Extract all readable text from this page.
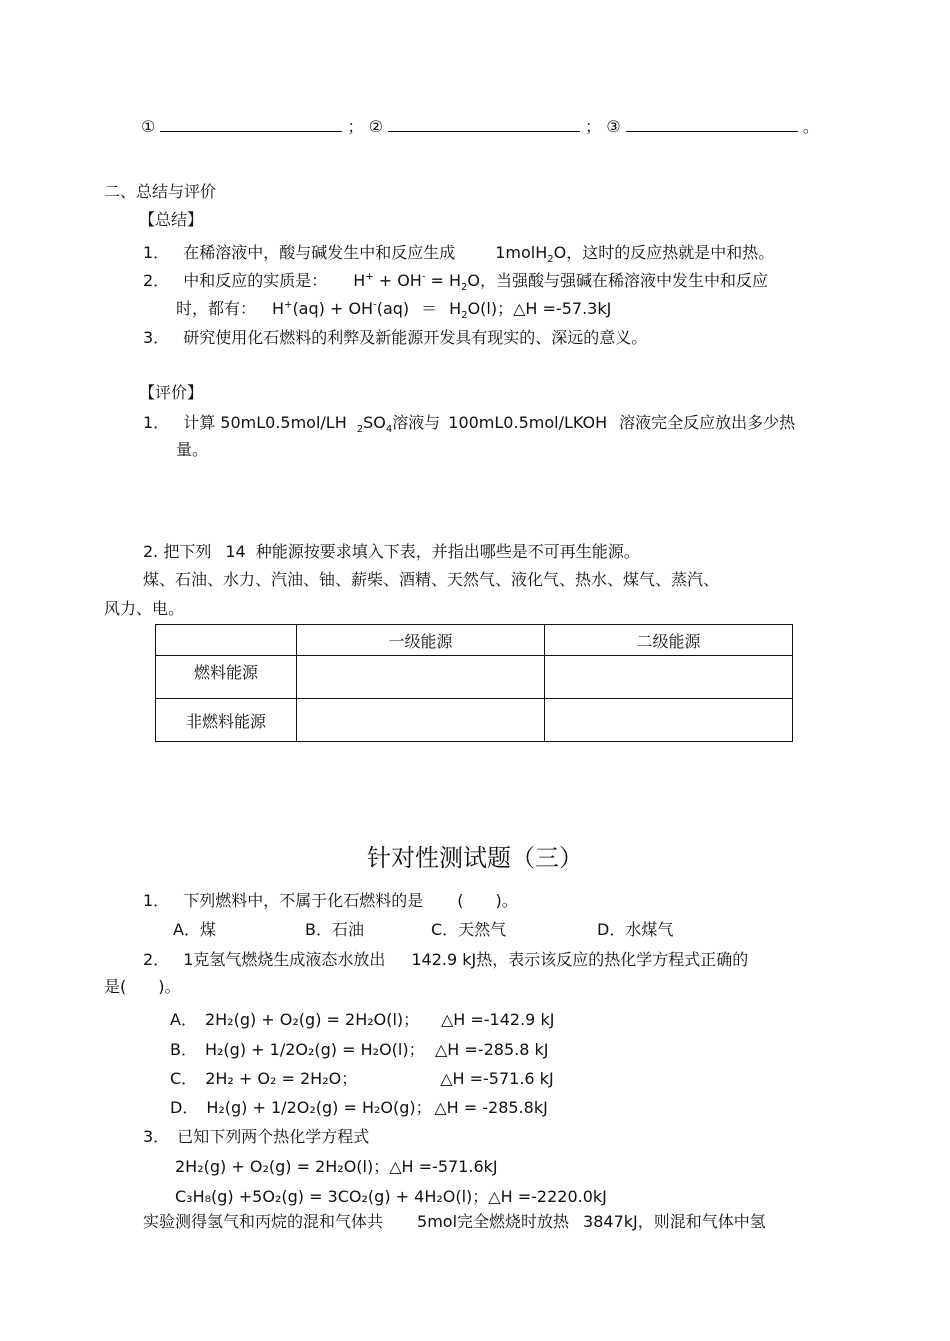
①	； ②	； ③	。
二、总结与评价
【总结】
1． 在稀溶液中，酸与碱发生中和反应生成	1molH$_2$O，这时的反应热就是中和热。
2． 中和反应的实质是： $H^+ + OH^- = H_2O$，当强酸与强碱在稀溶液中发生中和反应
时，都有： $H^+(aq) + OH^-(aq) = H_2O(l)$；△H =-57.3kJ
3． 研究使用化石燃料的利弊及新能源开发具有现实的、深远的意义。
【评价】
1． 计算 50mL0.5mol/LH $_2SO_4$溶液与 100mL0.5mol/LKOH 溶液完全反应放出多少热
量。
2. 把下列 14 种能源按要求填入下表，并指出哪些是不可再生能源。
煤、石油、水力、汽油、铀、薪柴、酒精、天然气、液化气、热水、煤气、蒸汽、
风力、电。
	一级能源	二级能源
燃料能源		
非燃料能源		
针对性测试题（三）
1． 下列燃料中，不属于化石燃料的是 (　　)。
A．煤	B．石油	C．天然气	D．水煤气
2． 1克氢气燃烧生成液态水放出 142.9 kJ热，表示该反应的热化学方程式正确的
是(　　)。
A． 2H₂(g) + O₂(g) = 2H₂O(l)； △H =-142.9 kJ
B． H₂(g) + 1/2O₂(g) = H₂O(l)； △H =-285.8 kJ
C． 2H₂ + O₂ = 2H₂O；	△H =-571.6 kJ
D． H₂(g) + 1/2O₂(g) = H₂O(g)； △H = -285.8kJ
3． 已知下列两个热化学方程式
2H₂(g) + O₂(g) = 2H₂O(l)；△H =-571.6kJ
C₃H₈(g) +5O₂(g) = 3CO₂(g) + 4H₂O(l)；△H =-2220.0kJ
实验测得氢气和丙烷的混和气体共 5mol完全燃烧时放热 3847kJ，则混和气体中氢
